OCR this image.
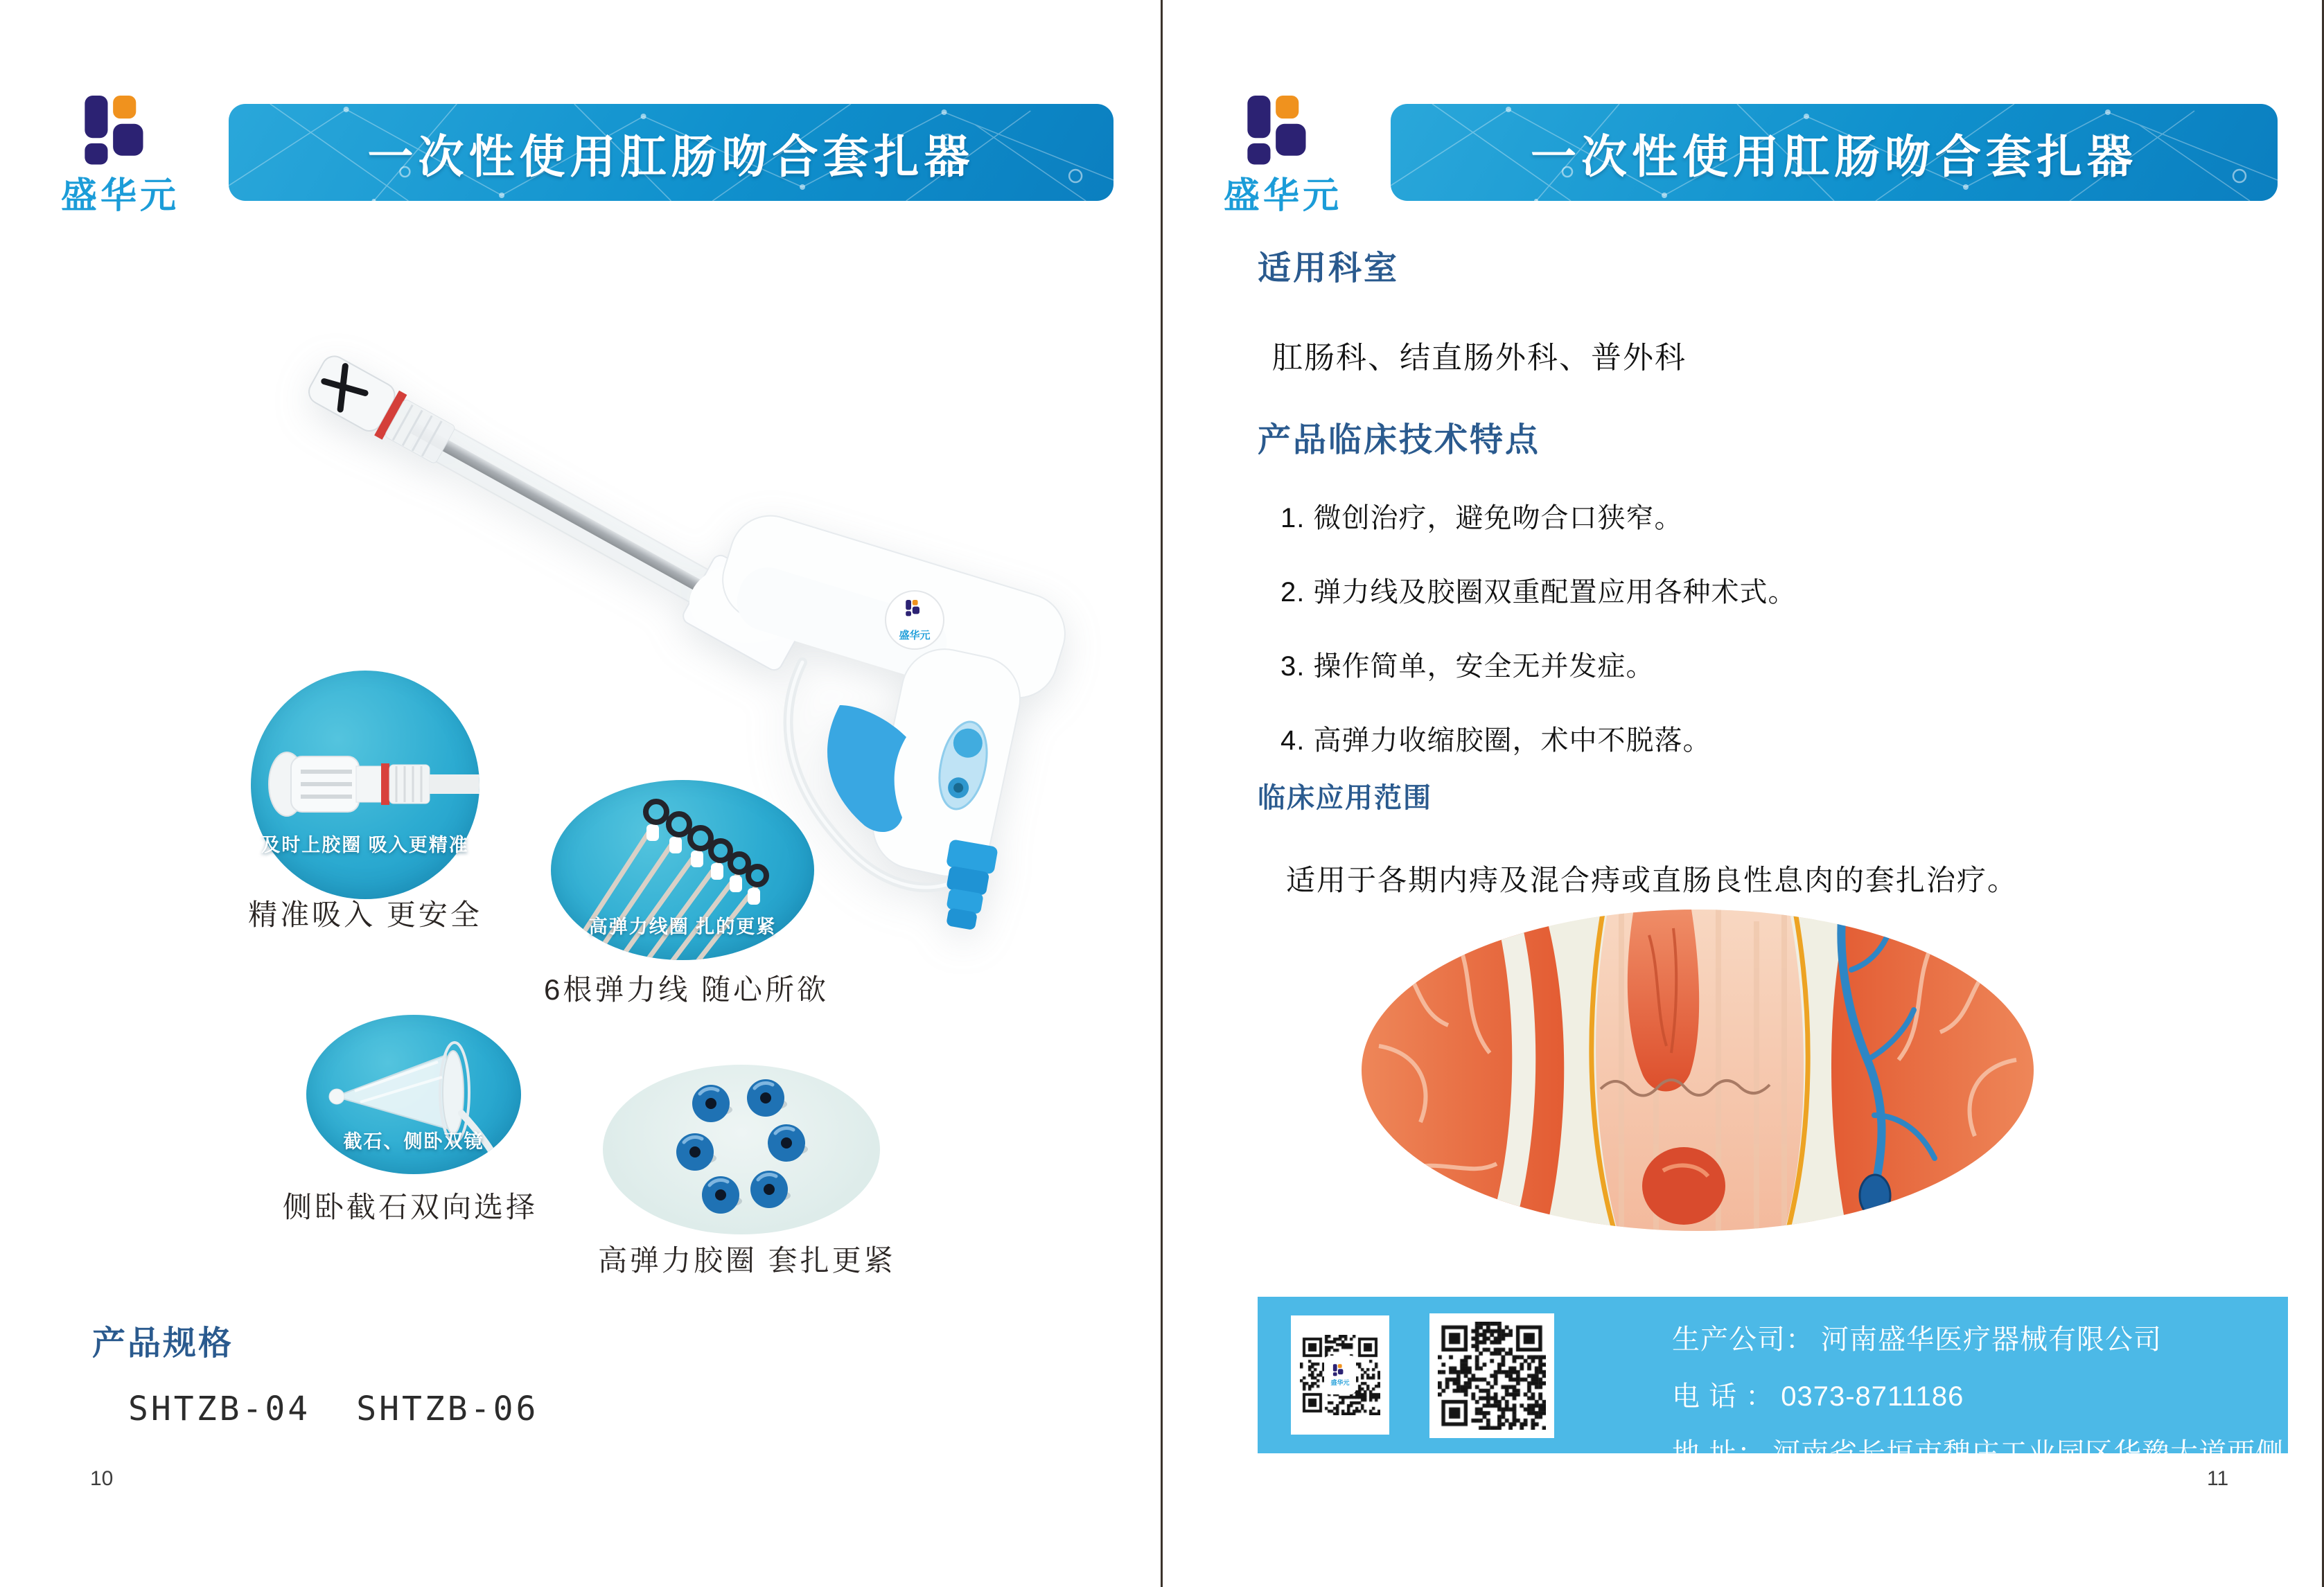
盛华元
一次性使用肛肠吻合套扎器
盛华元
及时上胶圈 吸入更精准
精准吸入 更安全	高弹力线圈 扎的更紧
6根弹力线 随心所欲
截石、侧卧双镜
侧卧截石双向选择
高弹力胶圈 套扎更紧
产品规格
SHTZB-04 SHTZB-06
10
盛华元
一次性使用肛肠吻合套扎器
适用科室
肛肠科、结直肠外科、普外科
产品临床技术特点
1. 微创治疗，避免吻合口狭窄。
2. 弹力线及胶圈双重配置应用各种术式。
3. 操作简单，安全无并发症。
4. 高弹力收缩胶圈，术中不脱落。
临床应用范围
适用于各期内痔及混合痔或直肠良性息肉的套扎治疗。
盛华元
生产公司： 河南盛华医疗器械有限公司
电 话 ： 0373-8711186
地 址： 河南省长垣市魏庄工业园区华豫大道西侧
11
